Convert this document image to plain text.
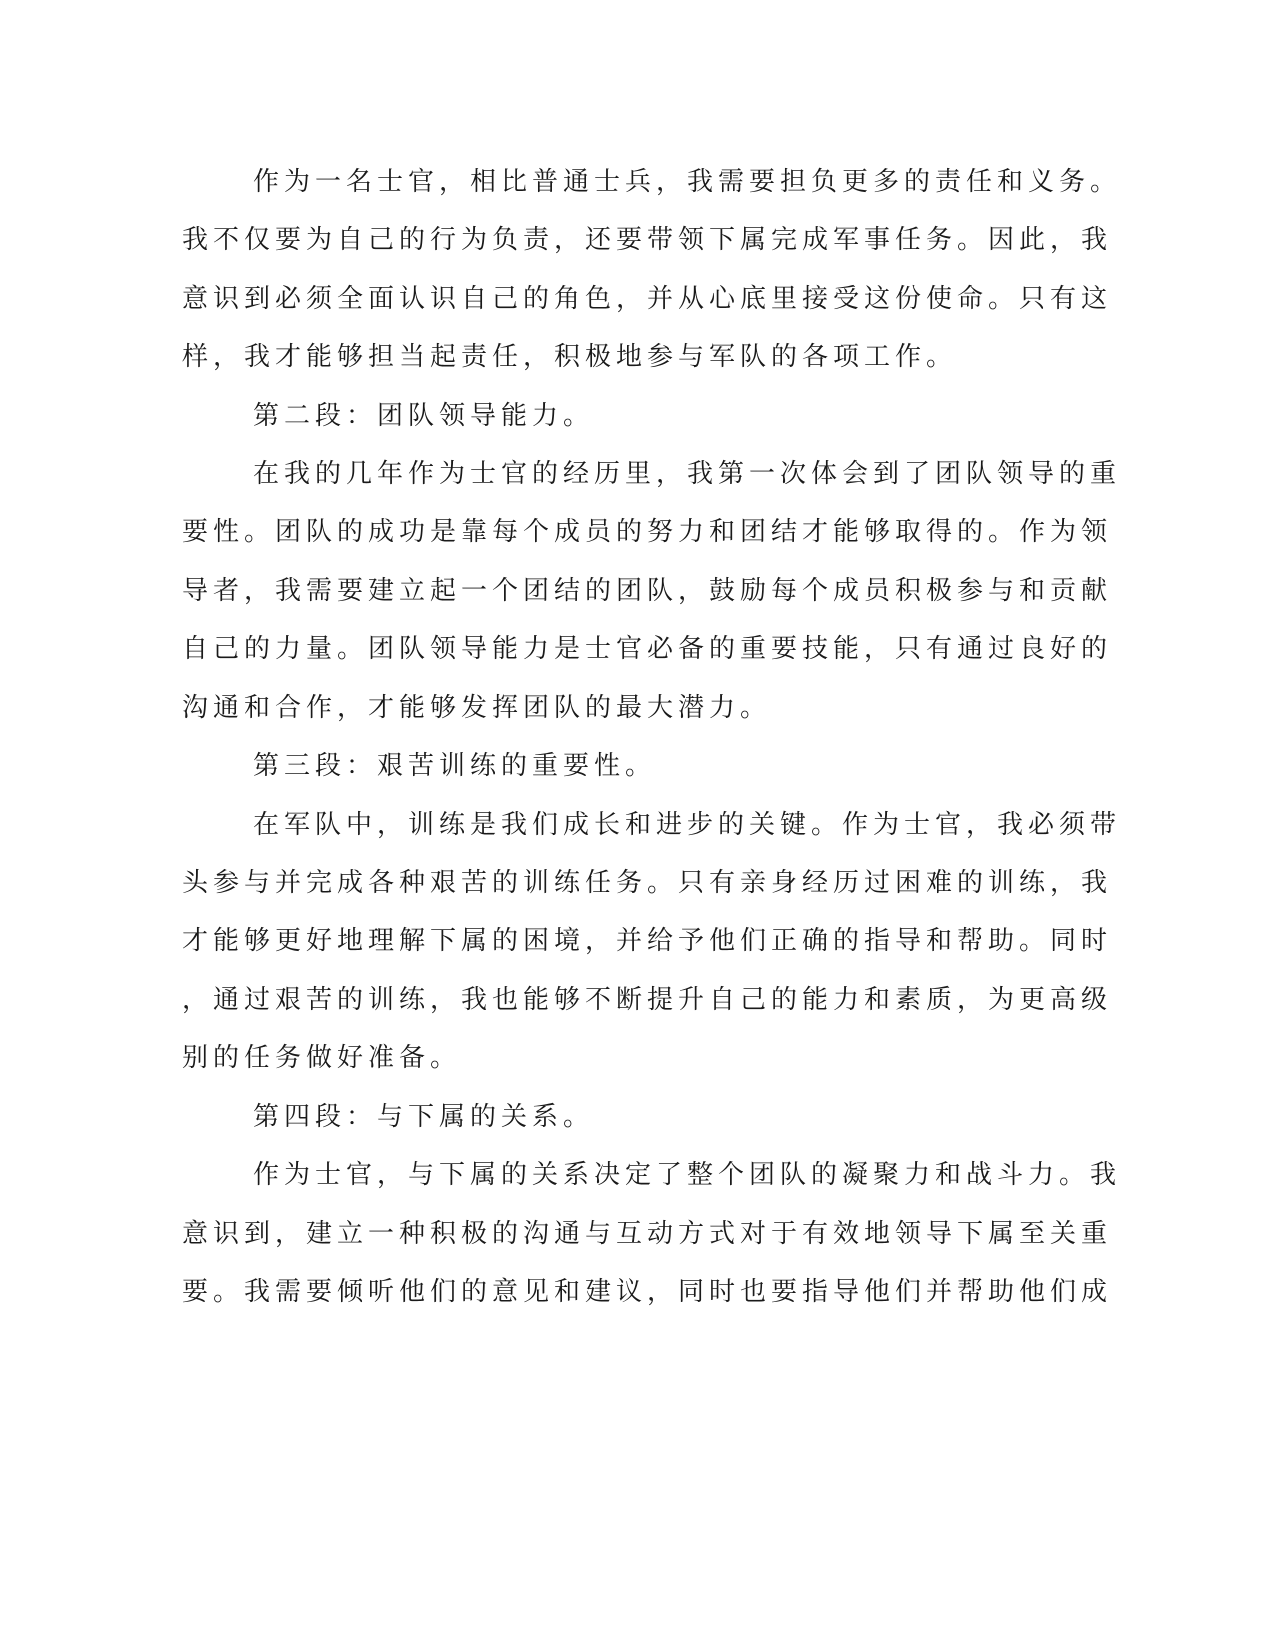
作为一名士官，相比普通士兵，我需要担负更多的责任和义务。
我不仅要为自己的行为负责，还要带领下属完成军事任务。因此，我
意识到必须全面认识自己的角色，并从心底里接受这份使命。只有这
样，我才能够担当起责任，积极地参与军队的各项工作。
第二段：团队领导能力。
在我的几年作为士官的经历里，我第一次体会到了团队领导的重
要性。团队的成功是靠每个成员的努力和团结才能够取得的。作为领
导者，我需要建立起一个团结的团队，鼓励每个成员积极参与和贡献
自己的力量。团队领导能力是士官必备的重要技能，只有通过良好的
沟通和合作，才能够发挥团队的最大潜力。
第三段：艰苦训练的重要性。
在军队中，训练是我们成长和进步的关键。作为士官，我必须带
头参与并完成各种艰苦的训练任务。只有亲身经历过困难的训练，我
才能够更好地理解下属的困境，并给予他们正确的指导和帮助。同时
，通过艰苦的训练，我也能够不断提升自己的能力和素质，为更高级
别的任务做好准备。
第四段：与下属的关系。
作为士官，与下属的关系决定了整个团队的凝聚力和战斗力。我
意识到，建立一种积极的沟通与互动方式对于有效地领导下属至关重
要。我需要倾听他们的意见和建议，同时也要指导他们并帮助他们成
